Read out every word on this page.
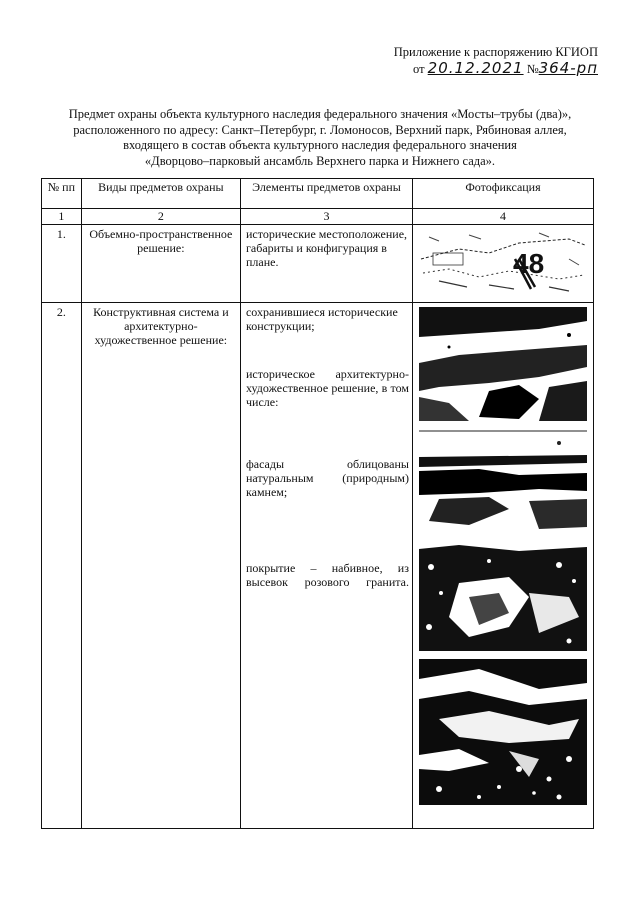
Приложение к распоряжению КГИОП
от 20.12.2021 №364-рп
Предмет охраны объекта культурного наследия федерального значения «Мосты–трубы (два)»,
расположенного по адресу: Санкт–Петербург, г. Ломоносов, Верхний парк, Рябиновая аллея,
входящего в состав объекта культурного наследия федерального значения
«Дворцово–парковый ансамбль Верхнего парка и Нижнего сада».
№ пп	Виды предметов охраны	Элементы предметов охраны	Фотофиксация
1	2	3	4
1.	Объемно-пространственное решение:	исторические местоположение, габариты и конфигурация в плане.	48

2.	Конструктивная система и архитектурно-художественное решение:	сохранившиеся исторические конструкции;
историческое архитектурно-художественное решение, в том числе:
фасады облицованы натуральным (природным) камнем;
покрытие – набивное, из высевок розового гранита.
